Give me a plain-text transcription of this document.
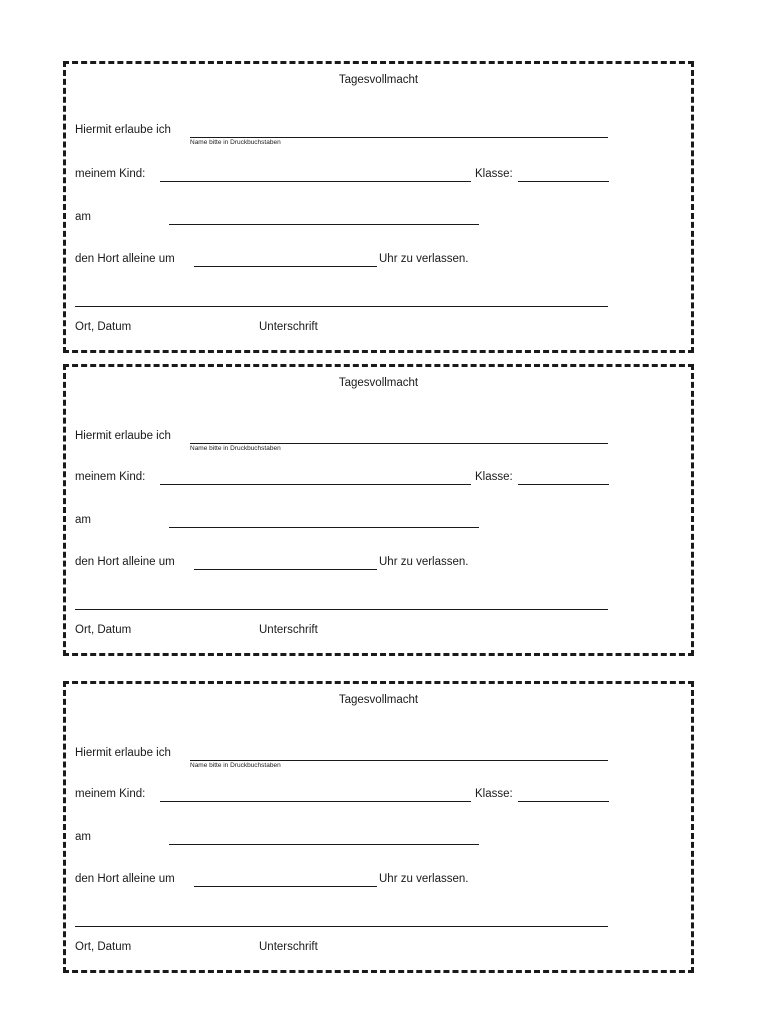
Tagesvollmacht
Hiermit erlaube ich
Name bitte in Druckbuchstaben
meinem Kind:	Klasse:
am
den Hort alleine um	Uhr zu verlassen.
Ort, Datum	Unterschrift
Tagesvollmacht
Hiermit erlaube ich
Name bitte in Druckbuchstaben
meinem Kind:	Klasse:
am
den Hort alleine um	Uhr zu verlassen.
Ort, Datum	Unterschrift
Tagesvollmacht
Hiermit erlaube ich
Name bitte in Druckbuchstaben
meinem Kind:	Klasse:
am
den Hort alleine um	Uhr zu verlassen.
Ort, Datum	Unterschrift
